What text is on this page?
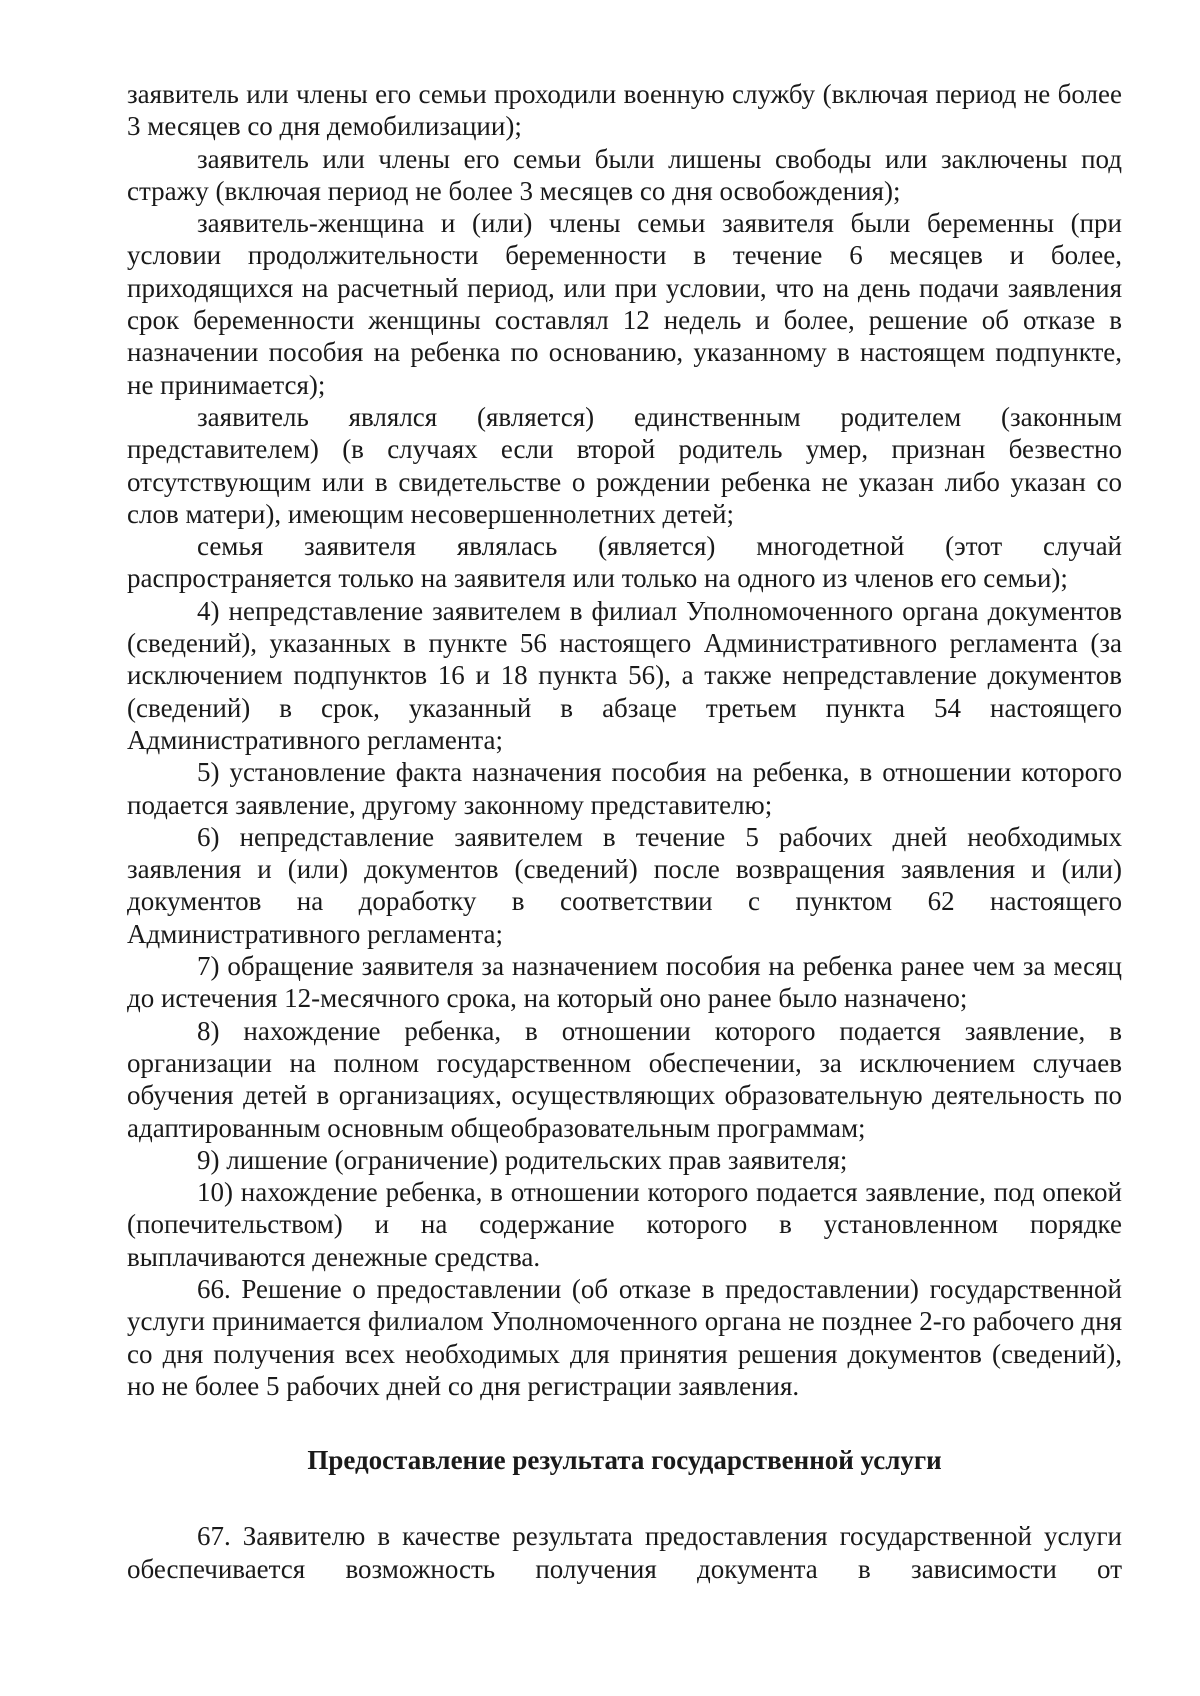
заявитель или члены его семьи проходили военную службу (включая период не более 3 месяцев со дня демобилизации);

заявитель или члены его семьи были лишены свободы или заключены под стражу (включая период не более 3 месяцев со дня освобождения);

заявитель-женщина и (или) члены семьи заявителя были беременны (при условии продолжительности беременности в течение 6 месяцев и более, приходящихся на расчетный период, или при условии, что на день подачи заявления срок беременности женщины составлял 12 недель и более, решение об отказе в назначении пособия на ребенка по основанию, указанному в настоящем подпункте, не принимается);

заявитель являлся (является) единственным родителем (законным представителем) (в случаях если второй родитель умер, признан безвестно отсутствующим или в свидетельстве о рождении ребенка не указан либо указан со слов матери), имеющим несовершеннолетних детей;

семья заявителя являлась (является) многодетной (этот случай распространяется только на заявителя или только на одного из членов его семьи);

4) непредставление заявителем в филиал Уполномоченного органа документов (сведений), указанных в пункте 56 настоящего Административного регламента (за исключением подпунктов 16 и 18 пункта 56), а также непредставление документов (сведений) в срок, указанный в абзаце третьем пункта 54 настоящего Административного регламента;

5) установление факта назначения пособия на ребенка, в отношении которого подается заявление, другому законному представителю;

6) непредставление заявителем в течение 5 рабочих дней необходимых заявления и (или) документов (сведений) после возвращения заявления и (или) документов на доработку в соответствии с пунктом 62 настоящего Административного регламента;

7) обращение заявителя за назначением пособия на ребенка ранее чем за месяц до истечения 12-месячного срока, на который оно ранее было назначено;

8) нахождение ребенка, в отношении которого подается заявление, в организации на полном государственном обеспечении, за исключением случаев обучения детей в организациях, осуществляющих образовательную деятельность по адаптированным основным общеобразовательным программам;

9) лишение (ограничение) родительских прав заявителя;

10) нахождение ребенка, в отношении которого подается заявление, под опекой (попечительством) и на содержание которого в установленном порядке выплачиваются денежные средства.

66. Решение о предоставлении (об отказе в предоставлении) государственной услуги принимается филиалом Уполномоченного органа не позднее 2-го рабочего дня со дня получения всех необходимых для принятия решения документов (сведений), но не более 5 рабочих дней со дня регистрации заявления.

Предоставление результата государственной услуги

67. Заявителю в качестве результата предоставления государственной услуги обеспечивается возможность получения документа в зависимости от
